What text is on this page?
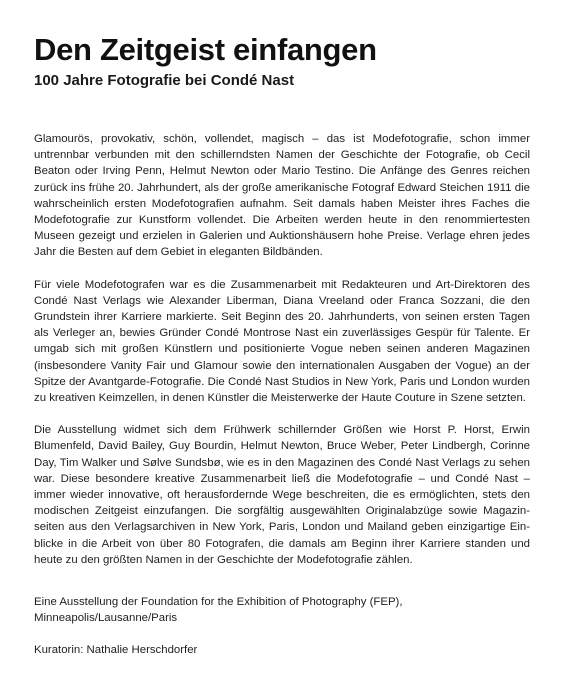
Den Zeitgeist einfangen
100 Jahre Fotografie bei Condé Nast

Glamourös, provokativ, schön, vollendet, magisch – das ist Modefotografie, schon immer untrennbar verbunden mit den schillerndsten Namen der Geschichte der Fotografie, ob Cecil Beaton oder Irving Penn, Helmut Newton oder Mario Testino. Die Anfänge des Genres reichen zurück ins frühe 20. Jahrhundert, als der große amerikanische Fotograf Edward Steichen 1911 die wahrscheinlich ersten Modefotografien aufnahm. Seit damals haben Meister ihres Faches die Modefotografie zur Kunstform vollendet. Die Arbeiten werden heute in den renommiertesten Museen gezeigt und erzielen in Galerien und Auktionshäusern hohe Preise. Verlage ehren jedes Jahr die Besten auf dem Gebiet in eleganten Bildbänden.

Für viele Modefotografen war es die Zusammenarbeit mit Redakteuren und Art-Direktoren des Condé Nast Verlags wie Alexander Liberman, Diana Vreeland oder Franca Sozzani, die den Grundstein ihrer Karriere markierte. Seit Beginn des 20. Jahrhunderts, von seinen ersten Tagen als Verleger an, bewies Gründer Condé Montrose Nast ein zuverlässiges Gespür für Talente. Er umgab sich mit großen Künstlern und positionierte Vogue neben seinen anderen Magazinen (insbesondere Vanity Fair und Glamour sowie den internationalen Ausgaben der Vogue) an der Spitze der Avantgarde-Fotografie. Die Condé Nast Studios in New York, Paris und London wurden zu kreativen Keimzellen, in denen Künstler die Meisterwerke der Haute Couture in Szene setzten.

Die Ausstellung widmet sich dem Frühwerk schillernder Größen wie Horst P. Horst, Erwin Blumenfeld, David Bailey, Guy Bourdin, Helmut Newton, Bruce Weber, Peter Lindbergh, Corinne Day, Tim Walker und Sølve Sundsbø, wie es in den Magazinen des Condé Nast Verlags zu sehen war. Diese besondere kreative Zusammenarbeit ließ die Modefotografie – und Condé Nast – immer wieder innovative, oft herausfordernde Wege beschreiten, die es ermöglichten, stets den modischen Zeitgeist einzufangen. Die sorgfältig ausgewählten Originalabzüge sowie Magazinseiten aus den Verlagsarchiven in New York, Paris, London und Mailand geben einzigartige Einblicke in die Arbeit von über 80 Fotografen, die damals am Beginn ihrer Karriere standen und heute zu den größten Namen in der Geschichte der Modefotografie zählen.

Eine Ausstellung der Foundation for the Exhibition of Photography (FEP),

Minneapolis/Lausanne/Paris

Kuratorin: Nathalie Herschdorfer
